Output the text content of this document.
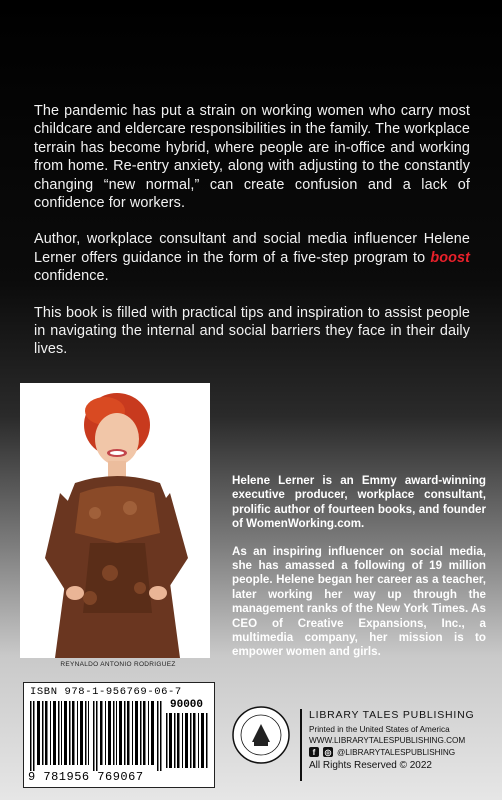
The pandemic has put a strain on working women who carry most childcare and eldercare responsibilities in the family. The workplace terrain has become hybrid, where people are in-office and working from home. Re-entry anxiety, along with adjusting to the constantly changing “new normal,” can create confusion and a lack of confidence for workers.

Author, workplace consultant and social media influencer Helene Lerner offers guidance in the form of a five-step program to boost confidence.

This book is filled with practical tips and inspiration to assist people in navigating the internal and social barriers they face in their daily lives.

REYNALDO ANTONIO RODRIGUEZ

Helene Lerner is an Emmy award-winning executive producer, workplace consultant, prolific author of fourteen books, and founder of WomenWorking.com.

As an inspiring influencer on social media, she has amassed a following of 19 million people. Helene began her career as a teacher, later working her way up through the management ranks of the New York Times. As CEO of Creative Expansions, Inc., a multimedia company, her mission is to empower women and girls.

ISBN 978-1-956769-06-7
90000
9 781956 769067
LIBRARY TALES PUBLISHING
Printed in the United States of America
WWW.LIBRARYTALESPUBLISHING.COM
f	◎ @LIBRARYTALESPUBLISHING
All Rights Reserved © 2022
